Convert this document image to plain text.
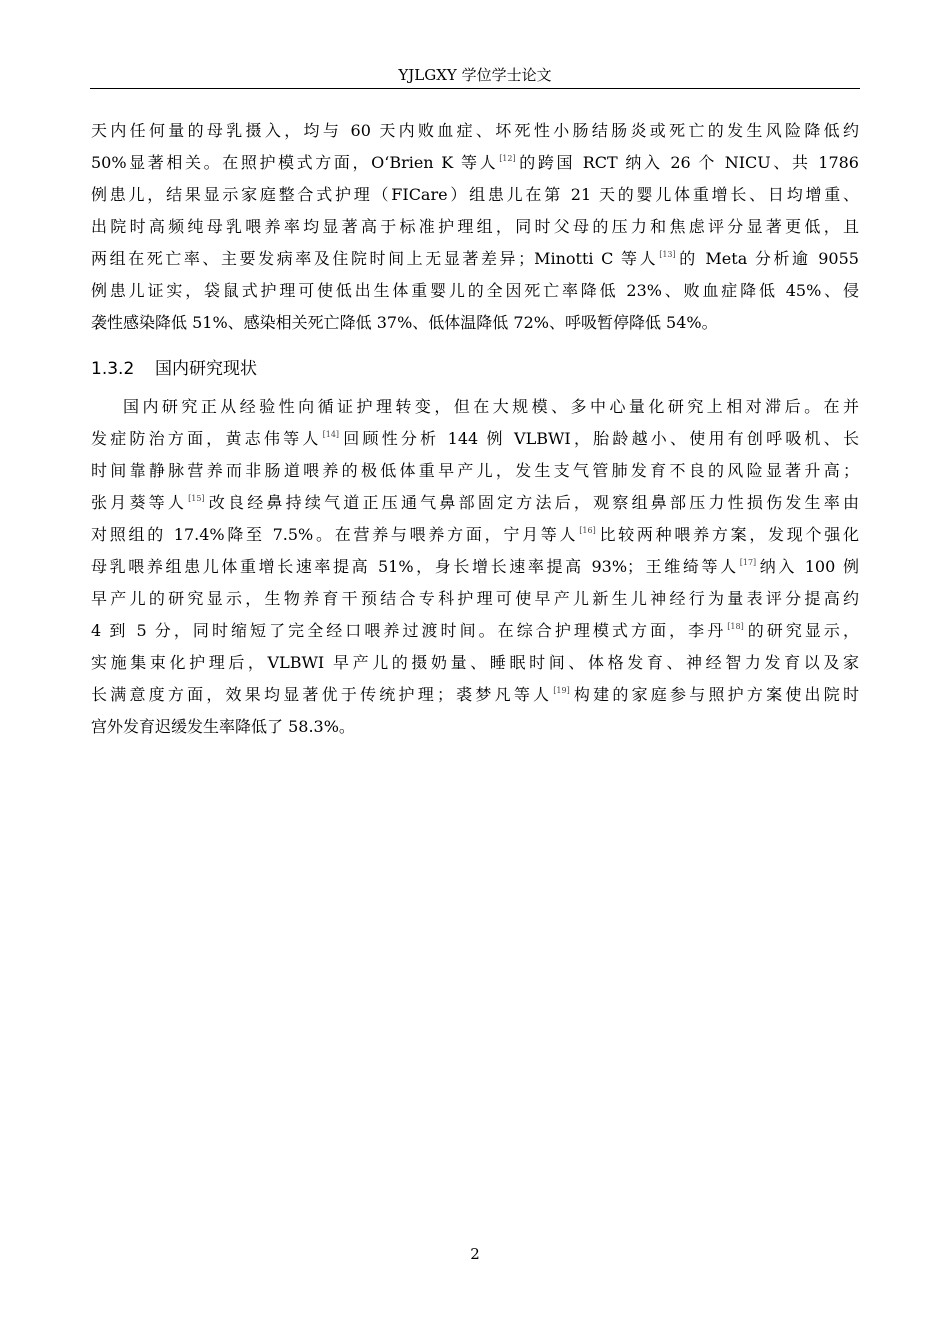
YJLGXY 学位学士论文
天内任何量的母乳摄入，均与 60 天内败血症、坏死性小肠结肠炎或死亡的发生风险降低约
50%显著相关。在照护模式方面，O‘Brien K 等人[12]的跨国 RCT 纳入 26 个 NICU、共 1786
例患儿，结果显示家庭整合式护理（FICare）组患儿在第 21 天的婴儿体重增长、日均增重、
出院时高频纯母乳喂养率均显著高于标准护理组，同时父母的压力和焦虑评分显著更低，且
两组在死亡率、主要发病率及住院时间上无显著差异；Minotti C 等人[13]的 Meta 分析逾 9055
例患儿证实，袋鼠式护理可使低出生体重婴儿的全因死亡率降低 23%、败血症降低 45%、侵
袭性感染降低 51%、感染相关死亡降低 37%、低体温降低 72%、呼吸暂停降低 54%。
1.3.2 国内研究现状
国内研究正从经验性向循证护理转变，但在大规模、多中心量化研究上相对滞后。在并
发症防治方面，黄志伟等人[14]回顾性分析 144 例 VLBWI，胎龄越小、使用有创呼吸机、长
时间靠静脉营养而非肠道喂养的极低体重早产儿，发生支气管肺发育不良的风险显著升高；
张月葵等人[15]改良经鼻持续气道正压通气鼻部固定方法后，观察组鼻部压力性损伤发生率由
对照组的 17.4%降至 7.5%。在营养与喂养方面，宁月等人[16]比较两种喂养方案，发现个强化
母乳喂养组患儿体重增长速率提高 51%，身长增长速率提高 93%；王维绮等人[17]纳入 100 例
早产儿的研究显示，生物养育干预结合专科护理可使早产儿新生儿神经行为量表评分提高约
4 到 5 分，同时缩短了完全经口喂养过渡时间。在综合护理模式方面，李丹[18]的研究显示，
实施集束化护理后，VLBWI 早产儿的摄奶量、睡眠时间、体格发育、神经智力发育以及家
长满意度方面，效果均显著优于传统护理；裘梦凡等人[19]构建的家庭参与照护方案使出院时
宫外发育迟缓发生率降低了 58.3%。
2
